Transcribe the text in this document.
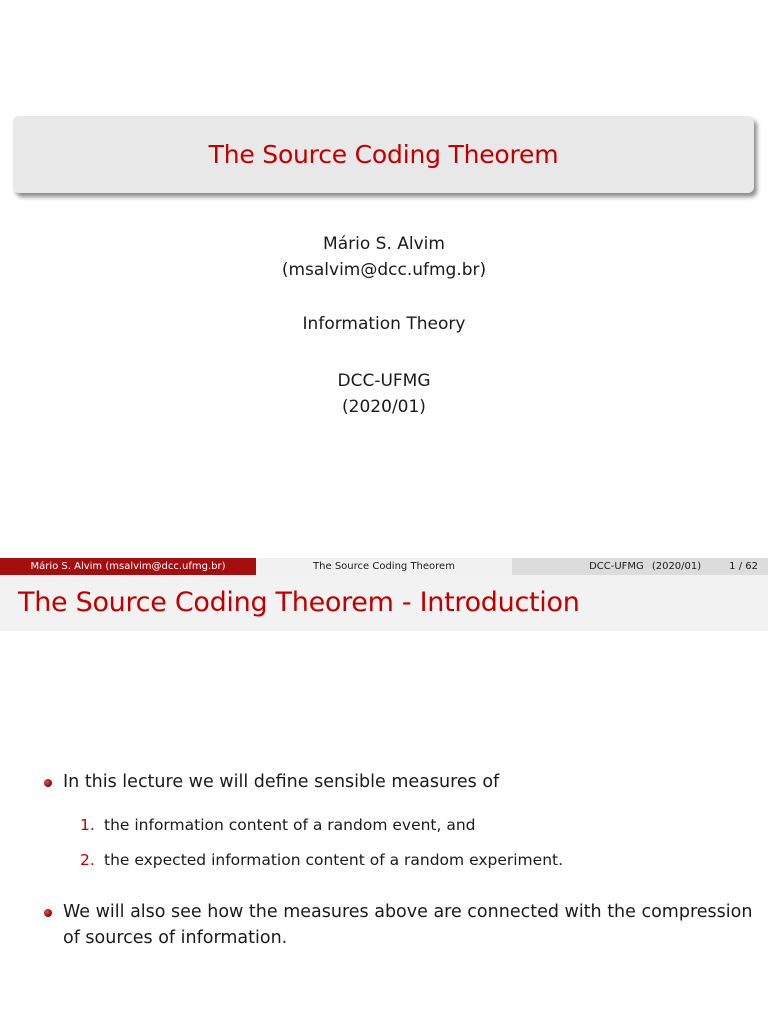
The Source Coding Theorem
Mário S. Alvim
(msalvim@dcc.ufmg.br)
Information Theory
DCC-UFMG
(2020/01)
Mário S. Alvim (msalvim@dcc.ufmg.br)	The Source Coding Theorem	DCC-UFMG (2020/01)	1 / 62
The Source Coding Theorem - Introduction
In this lecture we will define sensible measures of
1. the information content of a random event, and
2. the expected information content of a random experiment.
We will also see how the measures above are connected with the compression
of sources of information.
